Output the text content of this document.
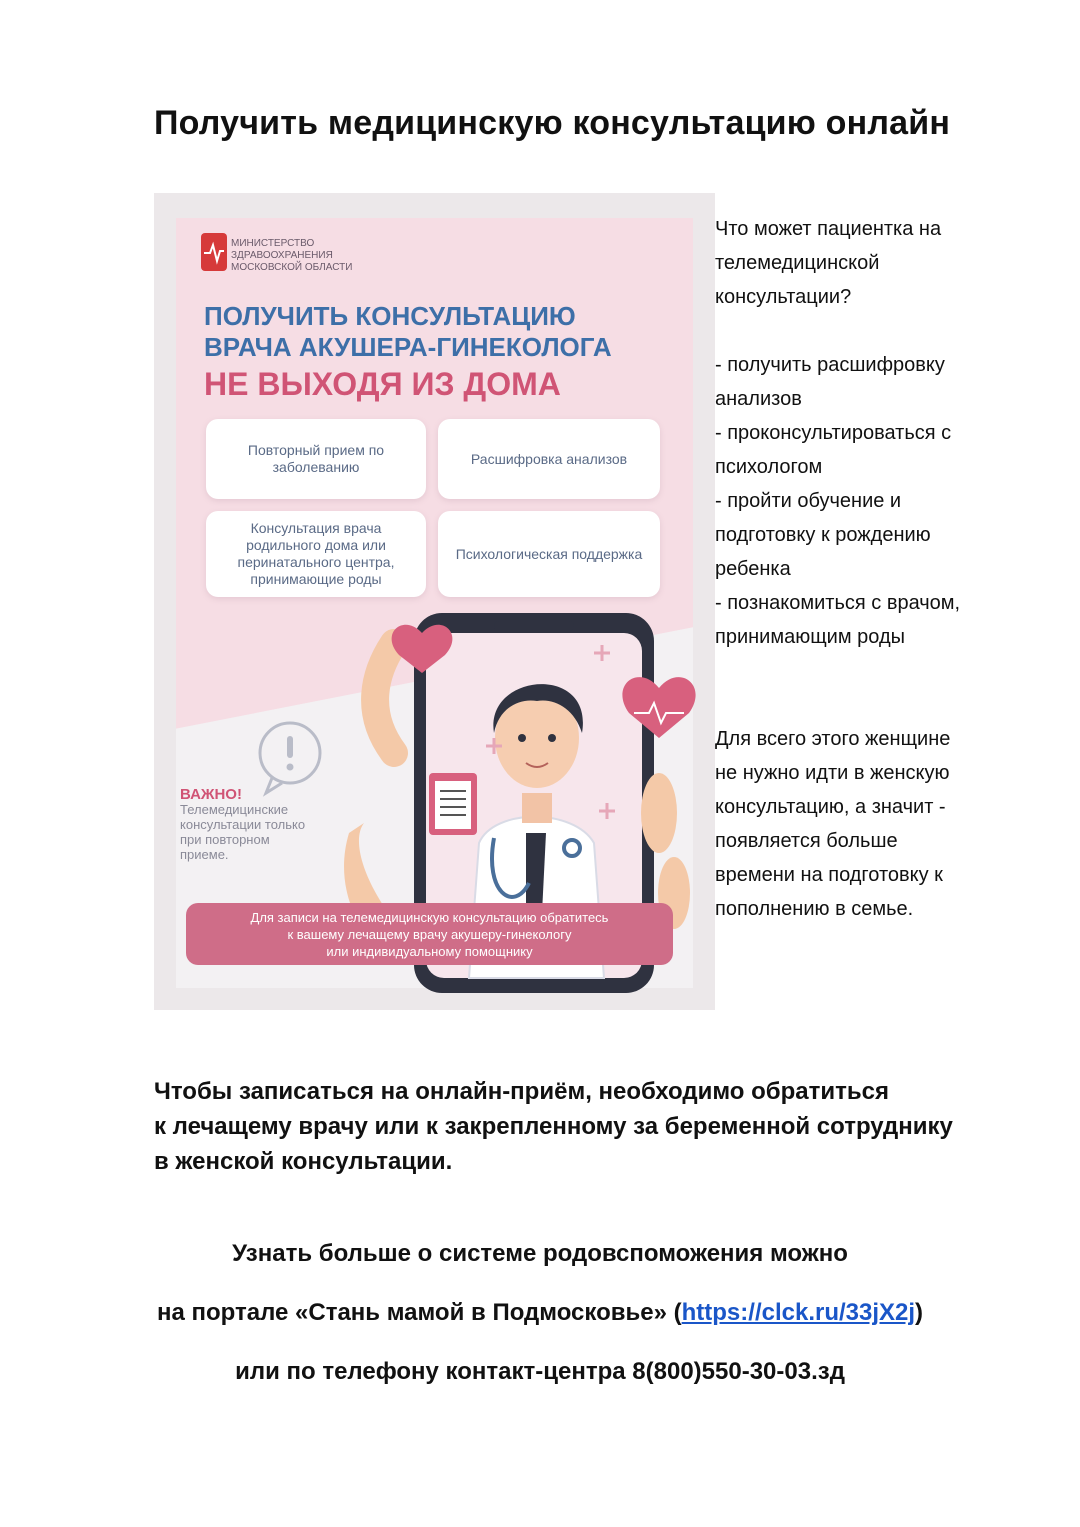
Получить медицинскую консультацию онлайн
МИНИСТЕРСТВО
ЗДРАВООХРАНЕНИЯ
МОСКОВСКОЙ ОБЛАСТИ
ПОЛУЧИТЬ КОНСУЛЬТАЦИЮ
ВРАЧА АКУШЕРА-ГИНЕКОЛОГА
НЕ ВЫХОДЯ ИЗ ДОМА
Повторный прием по заболеванию
Расшифровка анализов
Консультация врача родильного дома или перинатального центра, принимающие роды
Психологическая поддержка
ВАЖНО!
Телемедицинские
консультации только
при повторном
приеме.
Для записи на телемедицинскую консультацию обратитесь
к вашему лечащему врачу акушеру-гинекологу
или индивидуальному помощнику

Что может пациентка на

телемедицинской

консультации?

- получить расшифровку

анализов

- проконсультироваться с

психологом

- пройти обучение и

подготовку к рождению

ребенка

- познакомиться с врачом,

принимающим роды

Для всего этого женщине

не нужно идти в женскую

консультацию, а значит -

появляется больше

времени на подготовку к

пополнению в семье.

Чтобы записаться на онлайн-приём, необходимо обратиться
к лечащему врачу или к закрепленному за беременной сотруднику
в женской консультации.
Узнать больше о системе родовспоможения можно
на портале «Стань мамой в Подмосковье» (https://clck.ru/33jX2j)
или по телефону контакт-центра 8(800)550-30-03.зд
